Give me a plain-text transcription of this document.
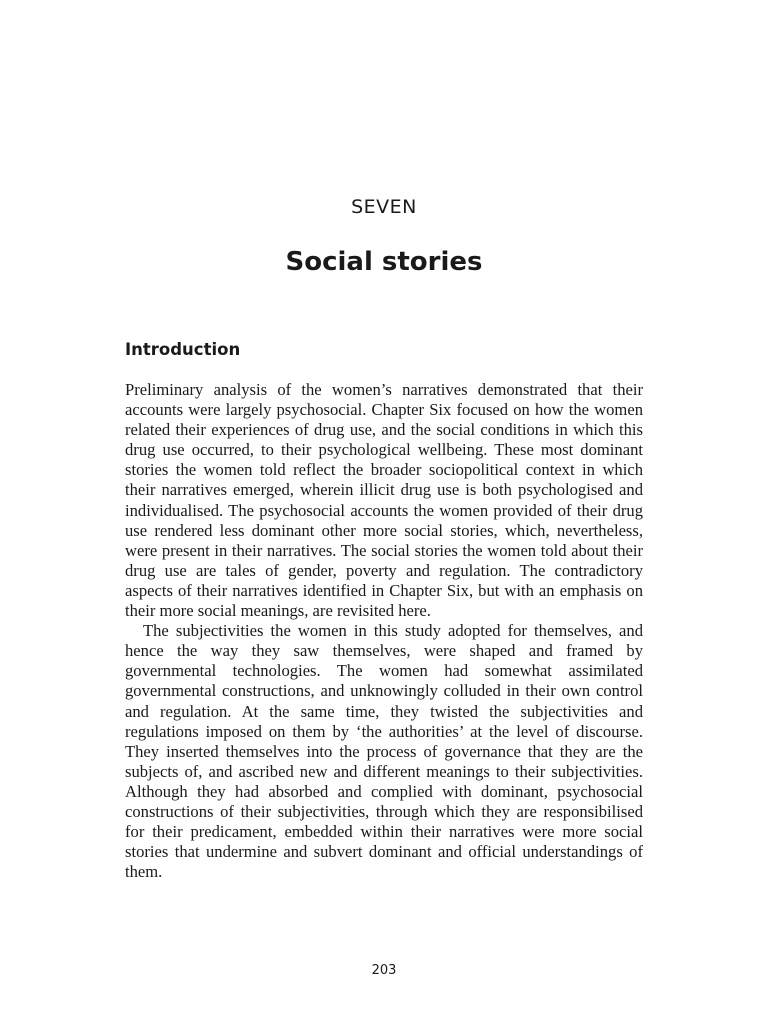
SEVEN
Social stories
Introduction

Preliminary analysis of the women’s narratives demonstrated that their accounts were largely psychosocial. Chapter Six focused on how the women related their experiences of drug use, and the social conditions in which this drug use occurred, to their psychological wellbeing. These most dominant stories the women told reflect the broader sociopolitical context in which their narratives emerged, wherein illicit drug use is both psychologised and individualised. The psychosocial accounts the women provided of their drug use rendered less dominant other more social stories, which, nevertheless, were present in their narratives. The social stories the women told about their drug use are tales of gender, poverty and regulation. The contradictory aspects of their narratives identified in Chapter Six, but with an emphasis on their more social meanings, are revisited here.

The subjectivities the women in this study adopted for themselves, and hence the way they saw themselves, were shaped and framed by governmental technologies. The women had somewhat assimilated governmental constructions, and unknowingly colluded in their own control and regulation. At the same time, they twisted the subjectivities and regulations imposed on them by ‘the authorities’ at the level of discourse. They inserted themselves into the process of governance that they are the subjects of, and ascribed new and different meanings to their subjectivities. Although they had absorbed and complied with dominant, psychosocial constructions of their subjectivities, through which they are responsibilised for their predicament, embedded within their narratives were more social stories that undermine and subvert dominant and official understandings of them.

203
